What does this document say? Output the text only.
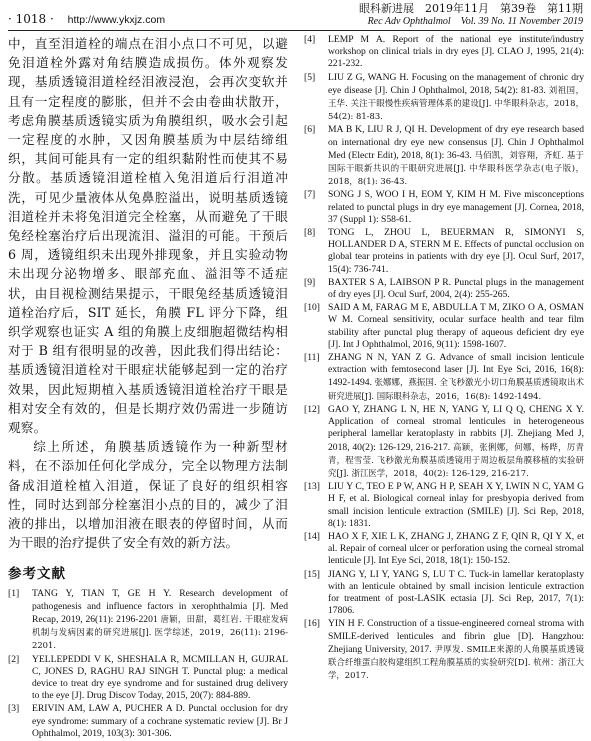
· 1018 · http://www.ykxjz.com
眼科新进展　2019年11月　第39卷　第11期
Rec Adv Ophthalmol　Vol. 39 No. 11 November 2019

中，直至泪道栓的端点在泪小点口不可见，以避免泪道栓外露对角结膜造成损伤。体外观察发现，基质透镜泪道栓经泪液浸泡，会再次变软并且有一定程度的膨胀，但并不会由卷曲状散开，考虑角膜基质透镜实质为角膜组织，吸水会引起一定程度的水肿，又因角膜基质为中层结缔组织，其间可能具有一定的组织黏附性而使其不易分散。基质透镜泪道栓植入兔泪道后行泪道冲洗，可见少量液体从兔鼻腔溢出，说明基质透镜泪道栓并未将兔泪道完全栓塞，从而避免了干眼兔经栓塞治疗后出现流泪、溢泪的可能。干预后 6 周，透镜组织未出现外排现象，并且实验动物未出现分泌物增多、眼部充血、溢泪等不适症状，由目视检测结果提示，干眼兔经基质透镜泪道栓治疗后，SIT 延长，角膜 FL 评分下降，组织学观察也证实 A 组的角膜上皮细胞超微结构相对于 B 组有很明显的改善，因此我们得出结论：基质透镜泪道栓对干眼症状能够起到一定的治疗效果，因此短期植入基质透镜泪道栓治疗干眼是相对安全有效的，但是长期疗效仍需进一步随访观察。

综上所述，角膜基质透镜作为一种新型材料，在不添加任何化学成分，完全以物理方法制备成泪道栓植入泪道，保证了良好的组织相容性，同时达到部分栓塞泪小点的目的，减少了泪液的排出，以增加泪液在眼表的停留时间，从而为干眼的治疗提供了安全有效的新方法。

参考文献
[1]	TANG Y, TIAN T, GE H Y. Research development of pathogenesis and influence factors in xerophthalmia [J]. Med Recap, 2019, 26(11): 2196-2201 唐颖，田甜，葛红岩. 干眼症发病机制与发病因素的研究进展[J]. 医学综述，2019，26(11): 2196-2201.
[2]	YELLEPEDDI V K, SHESHALA R, MCMILLAN H, GUJRAL C, JONES D, RAGHU RAJ SINGH T. Punctal plug: a medical device to treat dry eye syndrome and for sustained drug delivery to the eye [J]. Drug Discov Today, 2015, 20(7): 884-889.
[3]	ERIVIN AM, LAW A, PUCHER A D. Punctal occlusion for dry eye syndrome: summary of a cochrane systematic review [J]. Br J Ophthalmol, 2019, 103(3): 301-306.
[4]	LEMP M A. Report of the national eye institute/industry workshop on clinical trials in dry eyes [J]. CLAO J, 1995, 21(4): 221-232.
[5]	LIU Z G, WANG H. Focusing on the management of chronic dry eye disease [J]. Chin J Ophthalmol, 2018, 54(2): 81-83. 刘祖国，王华. 关注干眼慢性疾病管理体系的建设[J]. 中华眼科杂志，2018，54(2): 81-83.
[6]	MA B K, LIU R J, QI H. Development of dry eye research based on international dry eye new consensus [J]. Chin J Ophthalmol Med (Electr Edit), 2018, 8(1): 36-43. 马佰凯，刘容翔，齐虹. 基于国际干眼新共识的干眼研究进展[J]. 中华眼科医学杂志(电子版)，2018，8(1): 36-43.
[7]	SONG J S, WOO I H, EOM Y, KIM H M. Five misconceptions related to punctal plugs in dry eye management [J]. Cornea, 2018, 37 (Suppl 1): S58-61.
[8]	TONG L, ZHOU L, BEUERMAN R, SIMONYI S, HOLLANDER D A, STERN M E. Effects of punctal occlusion on global tear proteins in patients with dry eye [J]. Ocul Surf, 2017, 15(4): 736-741.
[9]	BAXTER S A, LAIBSON P R. Punctal plugs in the management of dry eyes [J]. Ocul Surf, 2004, 2(4): 255-265.
[10] SAID A M, FARAG M E, ABDULLA T M, ZIKO O A, OSMAN W M. Corneal sensitivity, ocular surface health and tear film stability after punctal plug therapy of aqueous deficient dry eye [J]. Int J Ophthalmol, 2016, 9(11): 1598-1607.
[11] ZHANG N N, YAN Z G. Advance of small incision lenticule extraction with femtosecond laser [J]. Int Eye Sci, 2016, 16(8): 1492-1494. 张娜娜，燕振国. 全飞秒激光小切口角膜基质透镜取出术研究进展[J]. 国际眼科杂志，2016，16(8): 1492-1494.
[12] GAO Y, ZHANG L N, HE N, YANG Y, LI Q Q, CHENG X Y. Application of corneal stromal lenticules in heterogeneous peripheral lamellar keratoplasty in rabbits [J]. Zhejiang Med J, 2018, 40(2): 126-129, 216-217. 高颖，张俐娜，何娜，杨晔，厉青青，程雪莹. 飞秒激光角膜基质透镜用于周边板层角膜移植的实验研究[J]. 浙江医学，2018，40(2): 126-129, 216-217.
[13] LIU Y C, TEO E P W, ANG H P, SEAH X Y, LWIN N C, YAM G H F, et al. Biological corneal inlay for presbyopia derived from small incision lenticule extraction (SMILE) [J]. Sci Rep, 2018, 8(1): 1831.
[14] HAO X F, XIE L K, ZHANG J, ZHANG Z F, QIN R, QI Y X, et al. Repair of corneal ulcer or perforation using the corneal stromal lenticule [J]. Int Eye Sci, 2018, 18(1): 150-152.
[15] JIANG Y, LI Y, YANG S, LU T C. Tuck-in lamellar keratoplasty with an lenticule obtained by small incision lenticule extraction for treatment of post-LASIK ectasia [J]. Sci Rep, 2017, 7(1): 17806.
[16] YIN H F. Construction of a tissue-engineered corneal stroma with SMILE-derived lenticules and fibrin glue [D]. Hangzhou: Zhejiang University, 2017. 尹厚发. SMILE来源的人角膜基质透镜联合纤维蛋白胶构建组织工程角膜基质的实验研究[D]. 杭州：浙江大学，2017.
